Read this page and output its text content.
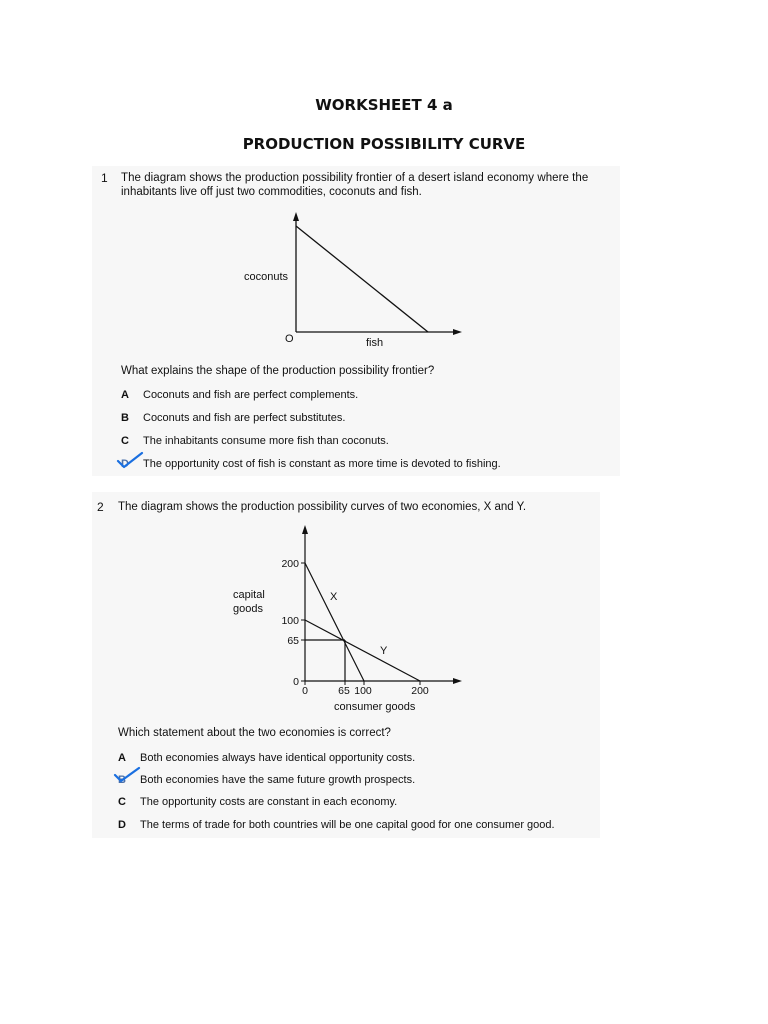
WORKSHEET 4 a
PRODUCTION POSSIBILITY CURVE
1 The diagram shows the production possibility frontier of a desert island economy where the
inhabitants live off just two commodities, coconuts and fish.
coconuts
O	fish
What explains the shape of the production possibility frontier?
A Coconuts and fish are perfect complements.
B Coconuts and fish are perfect substitutes.
C The inhabitants consume more fish than coconuts.
D The opportunity cost of fish is constant as more time is devoted to fishing.
2 The diagram shows the production possibility curves of two economies, X and Y.
capital
goods
200
100
65
0
0	65 100	200
consumer goods
X
Y
Which statement about the two economies is correct?
A Both economies always have identical opportunity costs.
B Both economies have the same future growth prospects.
C The opportunity costs are constant in each economy.
D The terms of trade for both countries will be one capital good for one consumer good.
